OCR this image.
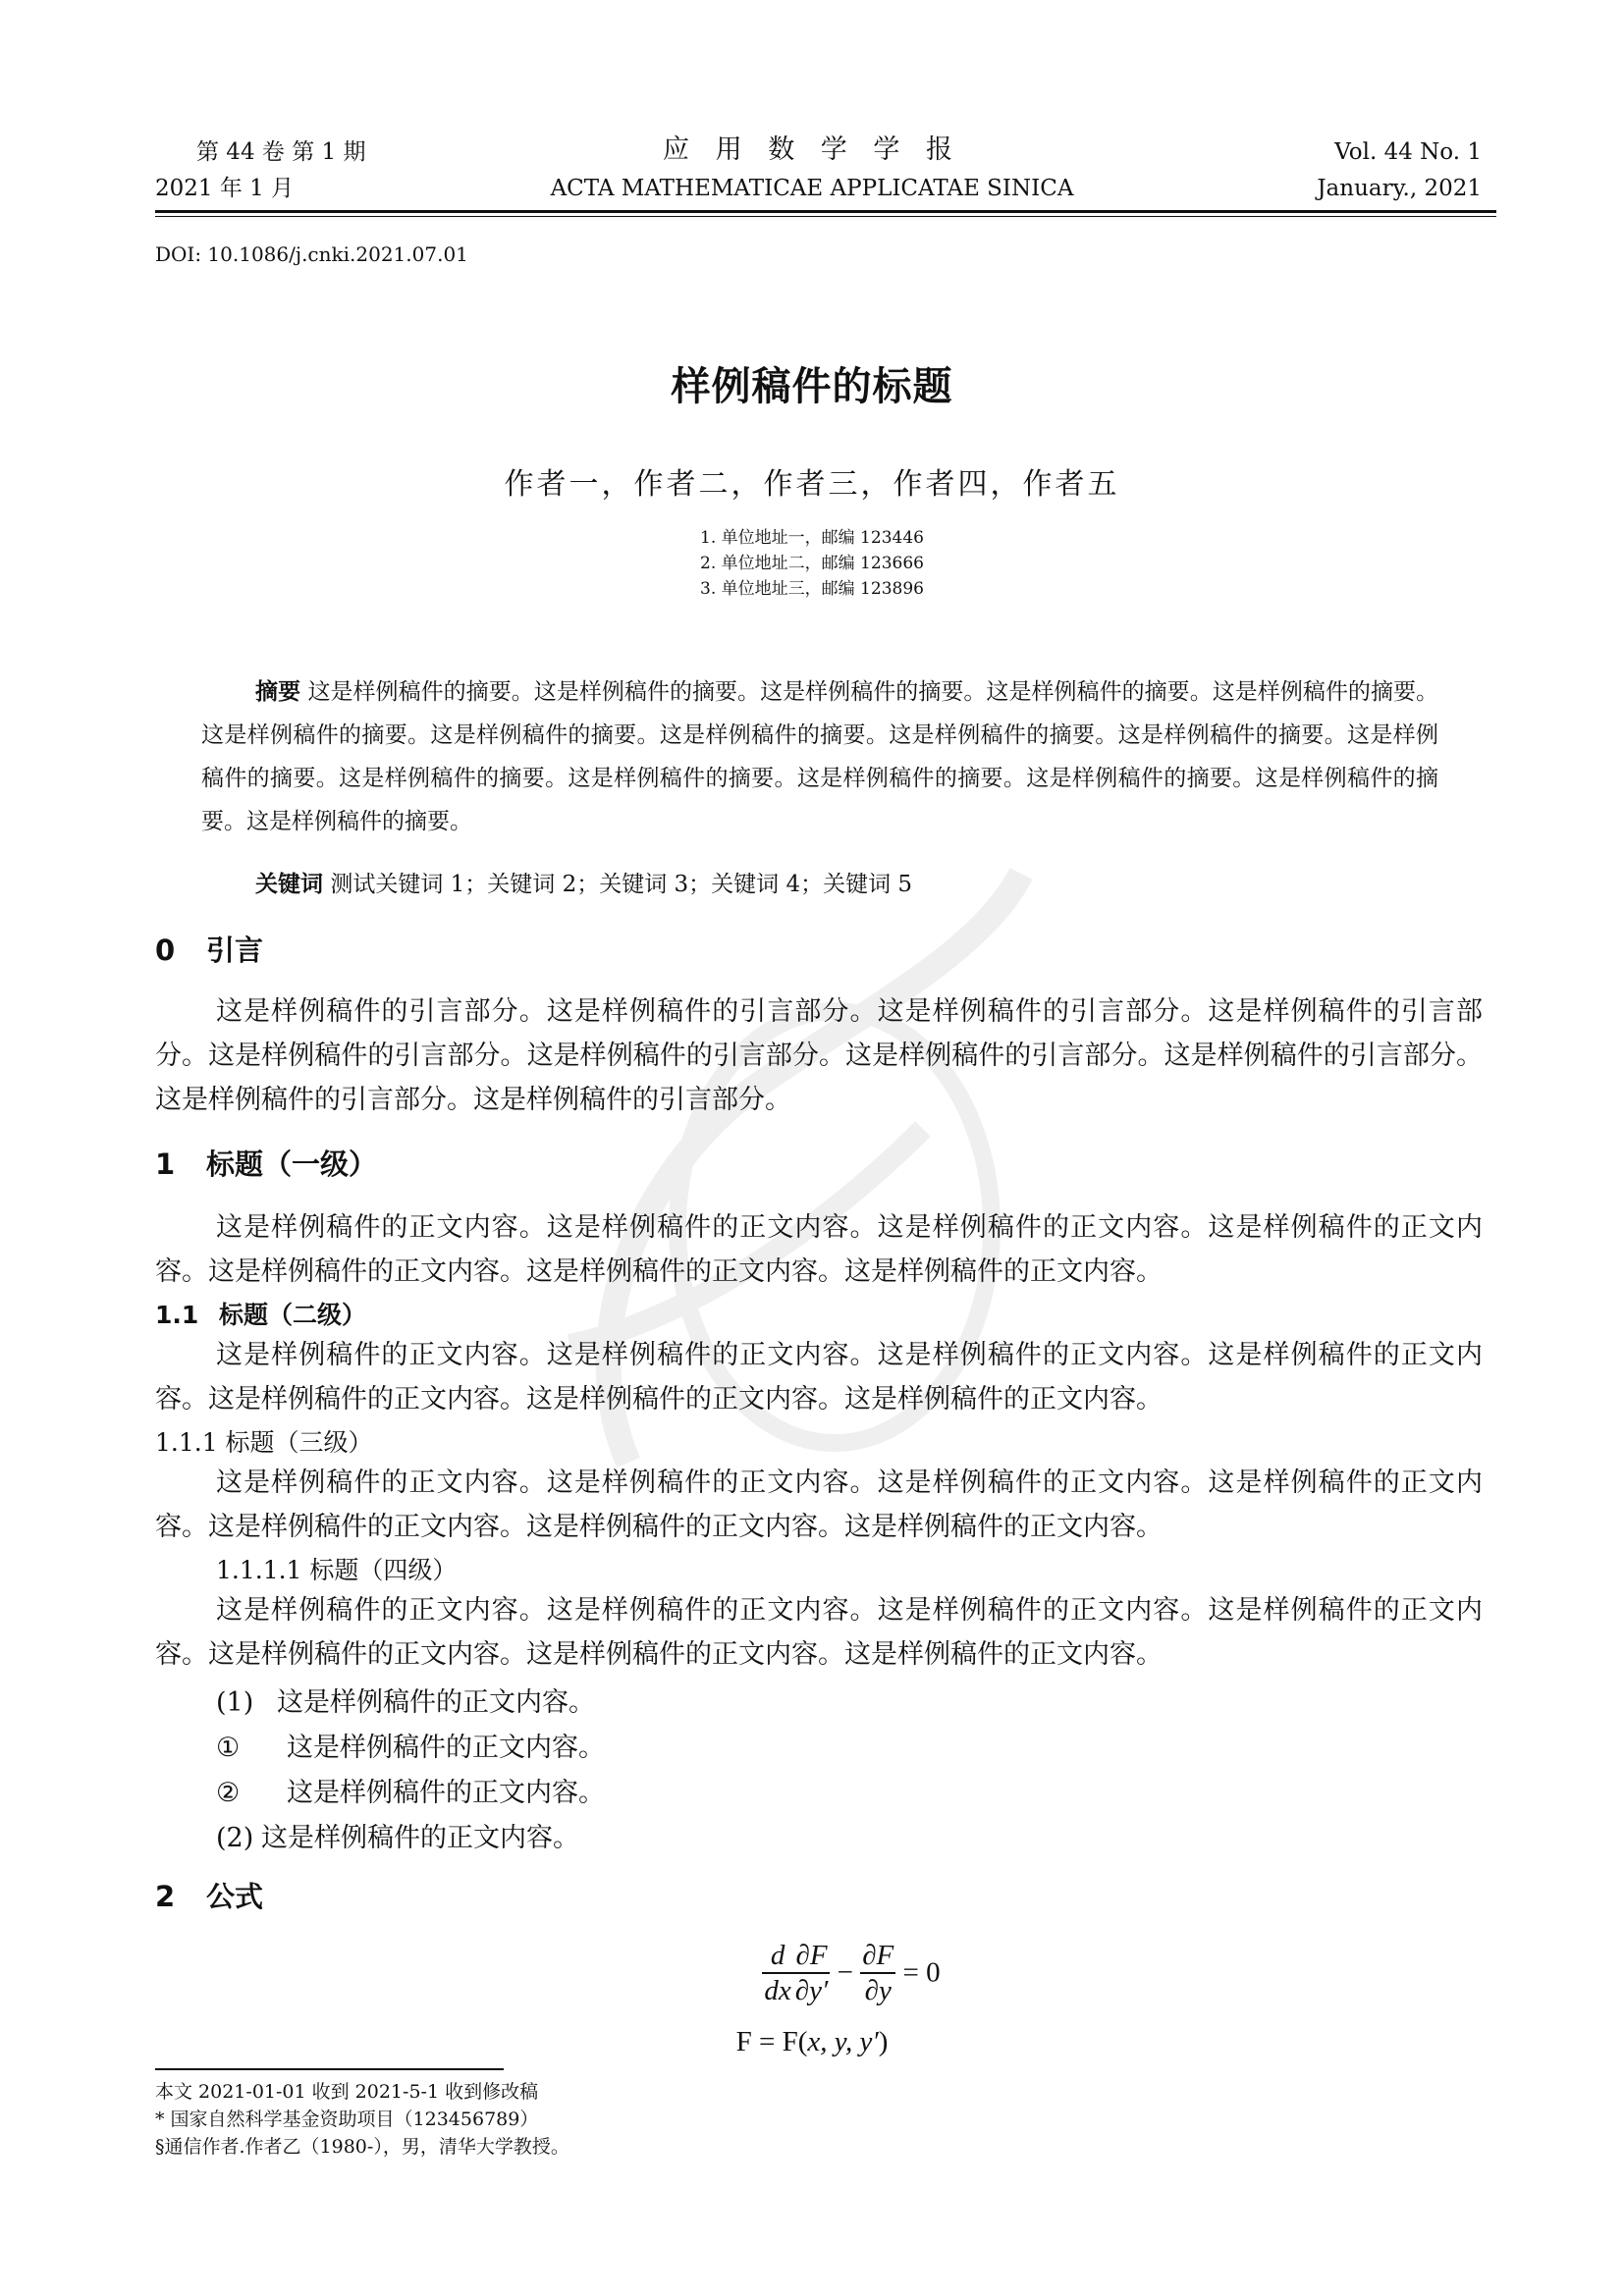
第 44 卷 第 1 期
2021 年 1 月
应 用 数 学 学 报
ACTA MATHEMATICAE APPLICATAE SINICA
Vol. 44 No. 1
January., 2021
DOI: 10.1086/j.cnki.2021.07.01
样例稿件的标题
作者一，作者二，作者三，作者四，作者五
1. 单位地址一，邮编 123446
2. 单位地址二，邮编 123666
3. 单位地址三，邮编 123896
摘要 这是样例稿件的摘要。这是样例稿件的摘要。这是样例稿件的摘要。这是样例稿件的摘要。这是样例稿件的摘要。这是样例稿件的摘要。这是样例稿件的摘要。这是样例稿件的摘要。这是样例稿件的摘要。这是样例稿件的摘要。这是样例稿件的摘要。这是样例稿件的摘要。这是样例稿件的摘要。这是样例稿件的摘要。这是样例稿件的摘要。这是样例稿件的摘要。这是样例稿件的摘要。
关键词 测试关键词 1；关键词 2；关键词 3；关键词 4；关键词 5
0 引言
这是样例稿件的引言部分。这是样例稿件的引言部分。这是样例稿件的引言部分。这是样例稿件的引言部分。这是样例稿件的引言部分。这是样例稿件的引言部分。这是样例稿件的引言部分。这是样例稿件的引言部分。这是样例稿件的引言部分。这是样例稿件的引言部分。
1 标题（一级）
这是样例稿件的正文内容。这是样例稿件的正文内容。这是样例稿件的正文内容。这是样例稿件的正文内容。这是样例稿件的正文内容。这是样例稿件的正文内容。这是样例稿件的正文内容。
1.1 标题（二级）
这是样例稿件的正文内容。这是样例稿件的正文内容。这是样例稿件的正文内容。这是样例稿件的正文内容。这是样例稿件的正文内容。这是样例稿件的正文内容。这是样例稿件的正文内容。
1.1.1 标题（三级）
这是样例稿件的正文内容。这是样例稿件的正文内容。这是样例稿件的正文内容。这是样例稿件的正文内容。这是样例稿件的正文内容。这是样例稿件的正文内容。这是样例稿件的正文内容。
1.1.1.1 标题（四级）
这是样例稿件的正文内容。这是样例稿件的正文内容。这是样例稿件的正文内容。这是样例稿件的正文内容。这是样例稿件的正文内容。这是样例稿件的正文内容。这是样例稿件的正文内容。
(1) 这是样例稿件的正文内容。
① 这是样例稿件的正文内容。
② 这是样例稿件的正文内容。
(2) 这是样例稿件的正文内容。
2 公式
$\frac{d}{dx} \frac{\partial F}{\partial y'} - \frac{\partial F}{\partial y} = 0$
F = F(x, y, y′)
本文 2021-01-01 收到 2021-5-1 收到修改稿
* 国家自然科学基金资助项目（123456789）
§通信作者.作者乙（1980-），男，清华大学教授。
